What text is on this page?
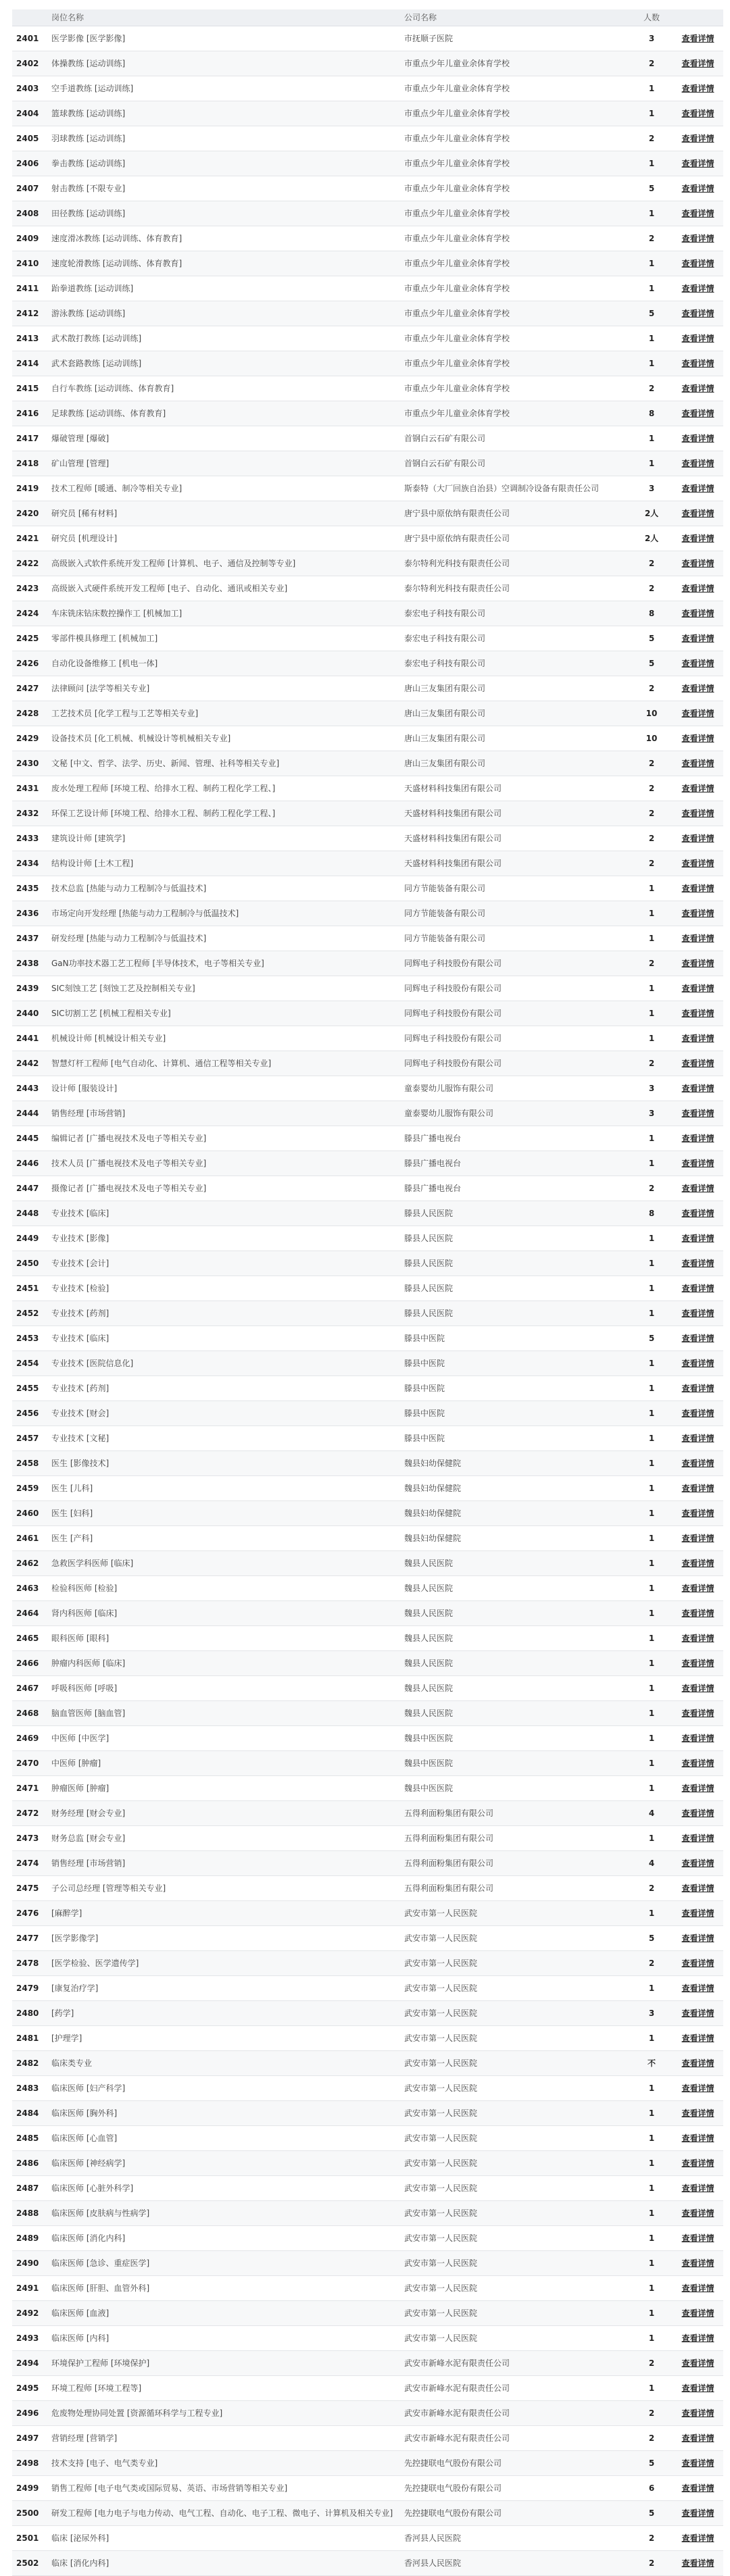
	岗位名称	公司名称	人数	
2401	医学影像 [医学影像]	市抚顺子医院	3	查看详情
2402	体操教练 [运动训练]	市重点少年儿童业余体育学校	2	查看详情
2403	空手道教练 [运动训练]	市重点少年儿童业余体育学校	1	查看详情
2404	篮球教练 [运动训练]	市重点少年儿童业余体育学校	1	查看详情
2405	羽球教练 [运动训练]	市重点少年儿童业余体育学校	2	查看详情
2406	拳击教练 [运动训练]	市重点少年儿童业余体育学校	1	查看详情
2407	射击教练 [不限专业]	市重点少年儿童业余体育学校	5	查看详情
2408	田径教练 [运动训练]	市重点少年儿童业余体育学校	1	查看详情
2409	速度滑冰教练 [运动训练、体育教育]	市重点少年儿童业余体育学校	2	查看详情
2410	速度轮滑教练 [运动训练、体育教育]	市重点少年儿童业余体育学校	1	查看详情
2411	跆拳道教练 [运动训练]	市重点少年儿童业余体育学校	1	查看详情
2412	游泳教练 [运动训练]	市重点少年儿童业余体育学校	5	查看详情
2413	武术散打教练 [运动训练]	市重点少年儿童业余体育学校	1	查看详情
2414	武术套路教练 [运动训练]	市重点少年儿童业余体育学校	1	查看详情
2415	自行车教练 [运动训练、体育教育]	市重点少年儿童业余体育学校	2	查看详情
2416	足球教练 [运动训练、体育教育]	市重点少年儿童业余体育学校	8	查看详情
2417	爆破管理 [爆破]	首钢白云石矿有限公司	1	查看详情
2418	矿山管理 [管理]	首钢白云石矿有限公司	1	查看详情
2419	技术工程师 [暖通、制冷等相关专业]	斯泰特（大厂回族自治县）空调制冷设备有限责任公司	3	查看详情
2420	研究员 [稀有材料]	唐宁县中原依纳有限责任公司	2人	查看详情
2421	研究员 [机理设计]	唐宁县中原依纳有限责任公司	2人	查看详情
2422	高级嵌入式软件系统开发工程师 [计算机、电子、通信及控制等专业]	泰尔特利光科技有限责任公司	2	查看详情
2423	高级嵌入式硬件系统开发工程师 [电子、自动化、通讯或相关专业]	泰尔特利光科技有限责任公司	2	查看详情
2424	车床铣床钻床数控操作工 [机械加工]	泰宏电子科技有限公司	8	查看详情
2425	零部件模具修理工 [机械加工]	泰宏电子科技有限公司	5	查看详情
2426	自动化设备维修工 [机电一体]	泰宏电子科技有限公司	5	查看详情
2427	法律顾问 [法学等相关专业]	唐山三友集团有限公司	2	查看详情
2428	工艺技术员 [化学工程与工艺等相关专业]	唐山三友集团有限公司	10	查看详情
2429	设备技术员 [化工机械、机械设计等机械相关专业]	唐山三友集团有限公司	10	查看详情
2430	文秘 [中文、哲学、法学、历史、新闻、管理、社科等相关专业]	唐山三友集团有限公司	2	查看详情
2431	废水处理工程师 [环境工程、给排水工程、制药工程化学工程、]	天盛材料科技集团有限公司	2	查看详情
2432	环保工艺设计师 [环境工程、给排水工程、制药工程化学工程、]	天盛材料科技集团有限公司	2	查看详情
2433	建筑设计师 [建筑学]	天盛材料科技集团有限公司	2	查看详情
2434	结构设计师 [土木工程]	天盛材料科技集团有限公司	2	查看详情
2435	技术总监 [热能与动力工程制冷与低温技术]	同方节能装备有限公司	1	查看详情
2436	市场定向开发经理 [热能与动力工程制冷与低温技术]	同方节能装备有限公司	1	查看详情
2437	研发经理 [热能与动力工程制冷与低温技术]	同方节能装备有限公司	1	查看详情
2438	GaN功率技术器工艺工程师 [半导体技术，电子等相关专业]	同辉电子科技股份有限公司	2	查看详情
2439	SIC刻蚀工艺 [刻蚀工艺及控制相关专业]	同辉电子科技股份有限公司	1	查看详情
2440	SIC切割工艺 [机械工程相关专业]	同辉电子科技股份有限公司	1	查看详情
2441	机械设计师 [机械设计相关专业]	同辉电子科技股份有限公司	1	查看详情
2442	智慧灯杆工程师 [电气自动化、计算机、通信工程等相关专业]	同辉电子科技股份有限公司	2	查看详情
2443	设计师 [服装设计]	童泰婴幼儿服饰有限公司	3	查看详情
2444	销售经理 [市场营销]	童泰婴幼儿服饰有限公司	3	查看详情
2445	编辑记者 [广播电视技术及电子等相关专业]	滕县广播电视台	1	查看详情
2446	技术人员 [广播电视技术及电子等相关专业]	滕县广播电视台	1	查看详情
2447	摄像记者 [广播电视技术及电子等相关专业]	滕县广播电视台	2	查看详情
2448	专业技术 [临床]	滕县人民医院	8	查看详情
2449	专业技术 [影像]	滕县人民医院	1	查看详情
2450	专业技术 [会计]	滕县人民医院	1	查看详情
2451	专业技术 [检验]	滕县人民医院	1	查看详情
2452	专业技术 [药剂]	滕县人民医院	1	查看详情
2453	专业技术 [临床]	滕县中医院	5	查看详情
2454	专业技术 [医院信息化]	滕县中医院	1	查看详情
2455	专业技术 [药剂]	滕县中医院	1	查看详情
2456	专业技术 [财会]	滕县中医院	1	查看详情
2457	专业技术 [文秘]	滕县中医院	1	查看详情
2458	医生 [影像技术]	魏县妇幼保健院	1	查看详情
2459	医生 [儿科]	魏县妇幼保健院	1	查看详情
2460	医生 [妇科]	魏县妇幼保健院	1	查看详情
2461	医生 [产科]	魏县妇幼保健院	1	查看详情
2462	急救医学科医师 [临床]	魏县人民医院	1	查看详情
2463	检验科医师 [检验]	魏县人民医院	1	查看详情
2464	肾内科医师 [临床]	魏县人民医院	1	查看详情
2465	眼科医师 [眼科]	魏县人民医院	1	查看详情
2466	肿瘤内科医师 [临床]	魏县人民医院	1	查看详情
2467	呼吸科医师 [呼吸]	魏县人民医院	1	查看详情
2468	脑血管医师 [脑血管]	魏县人民医院	1	查看详情
2469	中医师 [中医学]	魏县中医医院	1	查看详情
2470	中医师 [肿瘤]	魏县中医医院	1	查看详情
2471	肿瘤医师 [肿瘤]	魏县中医医院	1	查看详情
2472	财务经理 [财会专业]	五得利面粉集团有限公司	4	查看详情
2473	财务总监 [财会专业]	五得利面粉集团有限公司	1	查看详情
2474	销售经理 [市场营销]	五得利面粉集团有限公司	4	查看详情
2475	子公司总经理 [管理等相关专业]	五得利面粉集团有限公司	2	查看详情
2476	[麻醉学]	武安市第一人民医院	1	查看详情
2477	[医学影像学]	武安市第一人民医院	5	查看详情
2478	[医学检验、医学遗传学]	武安市第一人民医院	2	查看详情
2479	[康复治疗学]	武安市第一人民医院	1	查看详情
2480	[药学]	武安市第一人民医院	3	查看详情
2481	[护理学]	武安市第一人民医院	1	查看详情
2482	临床类专业	武安市第一人民医院	不	查看详情
2483	临床医师 [妇产科学]	武安市第一人民医院	1	查看详情
2484	临床医师 [胸外科]	武安市第一人民医院	1	查看详情
2485	临床医师 [心血管]	武安市第一人民医院	1	查看详情
2486	临床医师 [神经病学]	武安市第一人民医院	1	查看详情
2487	临床医师 [心脏外科学]	武安市第一人民医院	1	查看详情
2488	临床医师 [皮肤病与性病学]	武安市第一人民医院	1	查看详情
2489	临床医师 [消化内科]	武安市第一人民医院	1	查看详情
2490	临床医师 [急诊、重症医学]	武安市第一人民医院	1	查看详情
2491	临床医师 [肝胆、血管外科]	武安市第一人民医院	1	查看详情
2492	临床医师 [血液]	武安市第一人民医院	1	查看详情
2493	临床医师 [内科]	武安市第一人民医院	1	查看详情
2494	环境保护工程师 [环境保护]	武安市新峰水泥有限责任公司	2	查看详情
2495	环境工程师 [环境工程等]	武安市新峰水泥有限责任公司	1	查看详情
2496	危废物处理协同处置 [资源循环科学与工程专业]	武安市新峰水泥有限责任公司	2	查看详情
2497	营销经理 [营销学]	武安市新峰水泥有限责任公司	2	查看详情
2498	技术支持 [电子、电气类专业]	先控捷联电气股份有限公司	5	查看详情
2499	销售工程师 [电子电气类或国际贸易、英语、市场营销等相关专业]	先控捷联电气股份有限公司	6	查看详情
2500	研发工程师 [电力电子与电力传动、电气工程、自动化、电子工程、微电子、计算机及相关专业]	先控捷联电气股份有限公司	5	查看详情
2501	临床 [泌尿外科]	香河县人民医院	2	查看详情
2502	临床 [消化内科]	香河县人民医院	2	查看详情
